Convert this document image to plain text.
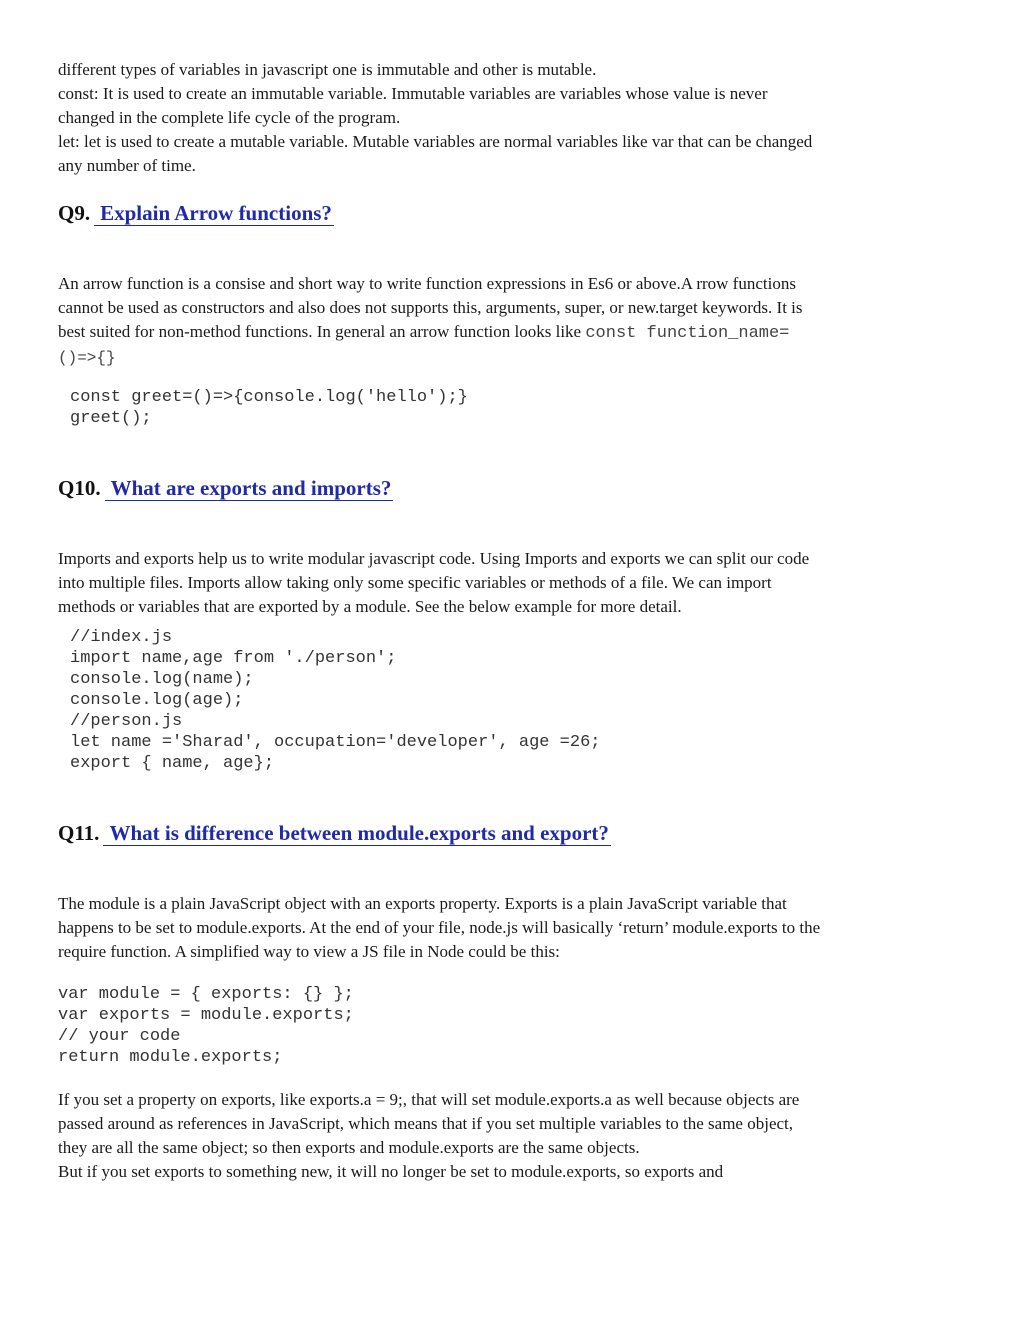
different types of variables in javascript one is immutable and other is mutable.
const: It is used to create an immutable variable. Immutable variables are variables whose value is never
changed in the complete life cycle of the program.
let: let is used to create a mutable variable. Mutable variables are normal variables like var that can be changed
any number of time.

Q9. Explain Arrow functions?

An arrow function is a consise and short way to write function expressions in Es6 or above.A rrow functions
cannot be used as constructors and also does not supports this, arguments, super, or new.target keywords. It is
best suited for non-method functions. In general an arrow function looks like const function_name=
()=>{}

const greet=()=>{console.log('hello');}
greet();
Q10. What are exports and imports?

Imports and exports help us to write modular javascript code. Using Imports and exports we can split our code
into multiple files. Imports allow taking only some specific variables or methods of a file. We can import
methods or variables that are exported by a module. See the below example for more detail.

//index.js
import name,age from './person';
console.log(name);
console.log(age);
//person.js
let name ='Sharad', occupation='developer', age =26;
export { name, age};
Q11. What is difference between module.exports and export?

The module is a plain JavaScript object with an exports property. Exports is a plain JavaScript variable that
happens to be set to module.exports. At the end of your file, node.js will basically ‘return’ module.exports to the
require function. A simplified way to view a JS file in Node could be this:

var module = { exports: {} };
var exports = module.exports;
// your code
return module.exports;

If you set a property on exports, like exports.a = 9;, that will set module.exports.a as well because objects are
passed around as references in JavaScript, which means that if you set multiple variables to the same object,
they are all the same object; so then exports and module.exports are the same objects.
But if you set exports to something new, it will no longer be set to module.exports, so exports and
